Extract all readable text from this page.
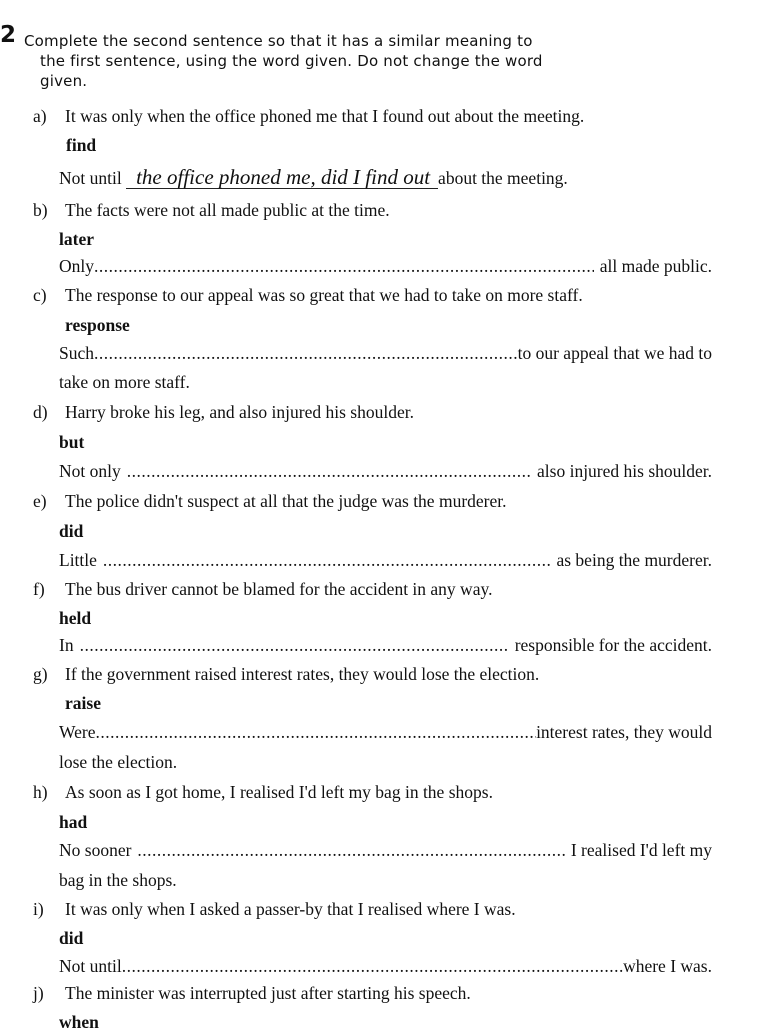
2 Complete the second sentence so that it has a similar meaning to
the first sentence, using the word given. Do not change the word
given.
a) It was only when the office phoned me that I found out about the meeting.
find
Not until the office phoned me, did I find out about the meeting.
b) The facts were not all made public at the time.
later
Only .....	all made public.
c) The response to our appeal was so great that we had to take on more staff.
response
Such .....	to our appeal that we had to
take on more staff.
d) Harry broke his leg, and also injured his shoulder.
but
Not only .....	also injured his shoulder.
e) The police didn't suspect at all that the judge was the murderer.
did
Little .....	as being the murderer.
f) The bus driver cannot be blamed for the accident in any way.
held
In .....	responsible for the accident.
g) If the government raised interest rates, they would lose the election.
raise
Were .....	interest rates, they would
lose the election.
h) As soon as I got home, I realised I'd left my bag in the shops.
had
No sooner .....	I realised I'd left my
bag in the shops.
i) It was only when I asked a passer-by that I realised where I was.
did
Not until .....	where I was.
j) The minister was interrupted just after starting his speech.
when
